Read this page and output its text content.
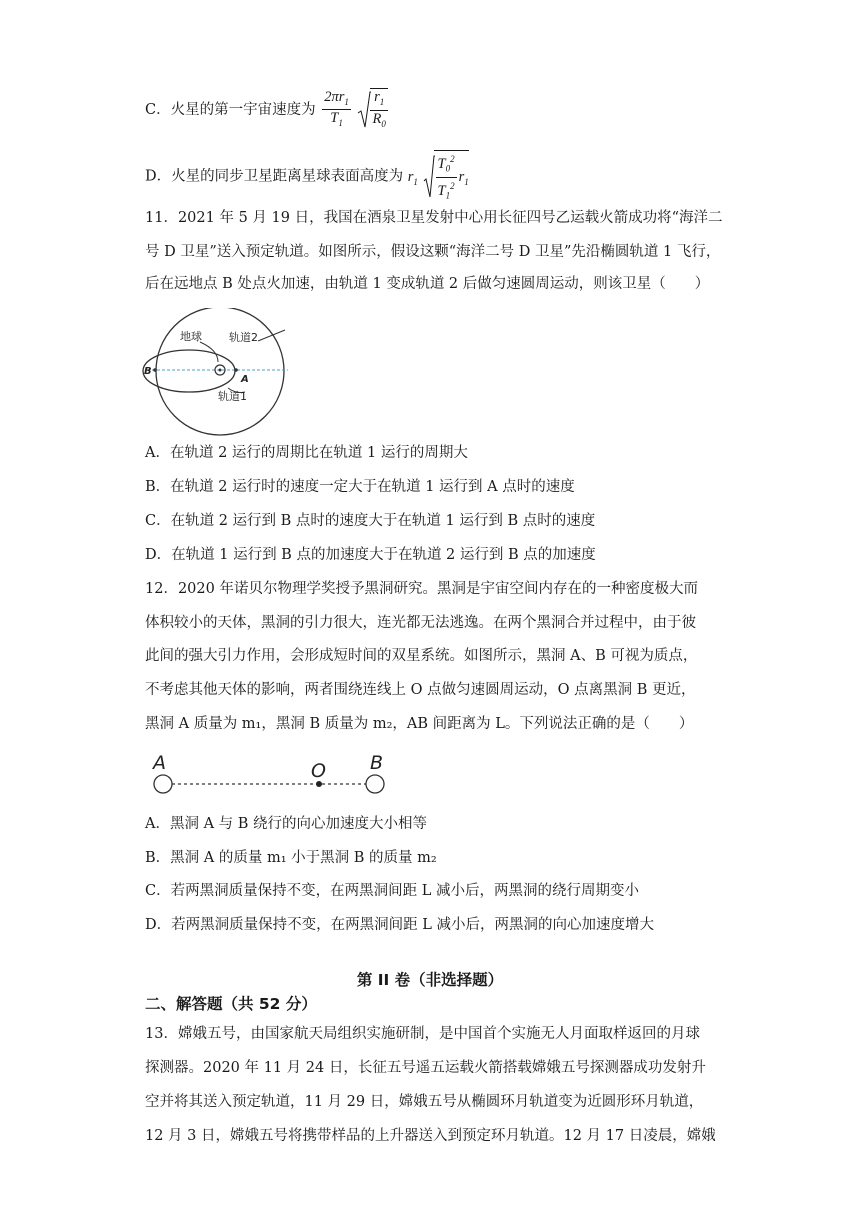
C．火星的第一宇宙速度为 $\frac{2\pi r_1}{T_1}$
$\frac{r_1}{R_0}$
D．火星的同步卫星距离星球表面高度为 $r_1 \frac{T_0^2}{T_1^2} r_1$
11．2021 年 5 月 19 日，我国在酒泉卫星发射中心用长征四号乙运载火箭成功将“海洋二
号 D 卫星”送入预定轨道。如图所示，假设这颗“海洋二号 D 卫星”先沿椭圆轨道 1 飞行，
后在远地点 B 处点火加速，由轨道 1 变成轨道 2 后做匀速圆周运动，则该卫星（　　）
地球 轨道2
轨道1
B
A
A．在轨道 2 运行的周期比在轨道 1 运行的周期大
B．在轨道 2 运行时的速度一定大于在轨道 1 运行到 A 点时的速度
C．在轨道 2 运行到 B 点时的速度大于在轨道 1 运行到 B 点时的速度
D．在轨道 1 运行到 B 点的加速度大于在轨道 2 运行到 B 点的加速度
12．2020 年诺贝尔物理学奖授予黑洞研究。黑洞是宇宙空间内存在的一种密度极大而
体积较小的天体，黑洞的引力很大，连光都无法逃逸。在两个黑洞合并过程中，由于彼
此间的强大引力作用，会形成短时间的双星系统。如图所示，黑洞 A、B 可视为质点，
不考虑其他天体的影响，两者围绕连线上 O 点做匀速圆周运动，O 点离黑洞 B 更近，
黑洞 A 质量为 m₁，黑洞 B 质量为 m₂，AB 间距离为 L。下列说法正确的是（　　）
A	O B
A．黑洞 A 与 B 绕行的向心加速度大小相等
B．黑洞 A 的质量 m₁ 小于黑洞 B 的质量 m₂
C．若两黑洞质量保持不变，在两黑洞间距 L 减小后，两黑洞的绕行周期变小
D．若两黑洞质量保持不变，在两黑洞间距 L 减小后，两黑洞的向心加速度增大
第 II 卷（非选择题）
二、解答题（共 52 分）
13．嫦娥五号，由国家航天局组织实施研制，是中国首个实施无人月面取样返回的月球
探测器。2020 年 11 月 24 日，长征五号遥五运载火箭搭载嫦娥五号探测器成功发射升
空并将其送入预定轨道，11 月 29 日，嫦娥五号从椭圆环月轨道变为近圆形环月轨道，
12 月 3 日，嫦娥五号将携带样品的上升器送入到预定环月轨道。12 月 17 日凌晨，嫦娥
